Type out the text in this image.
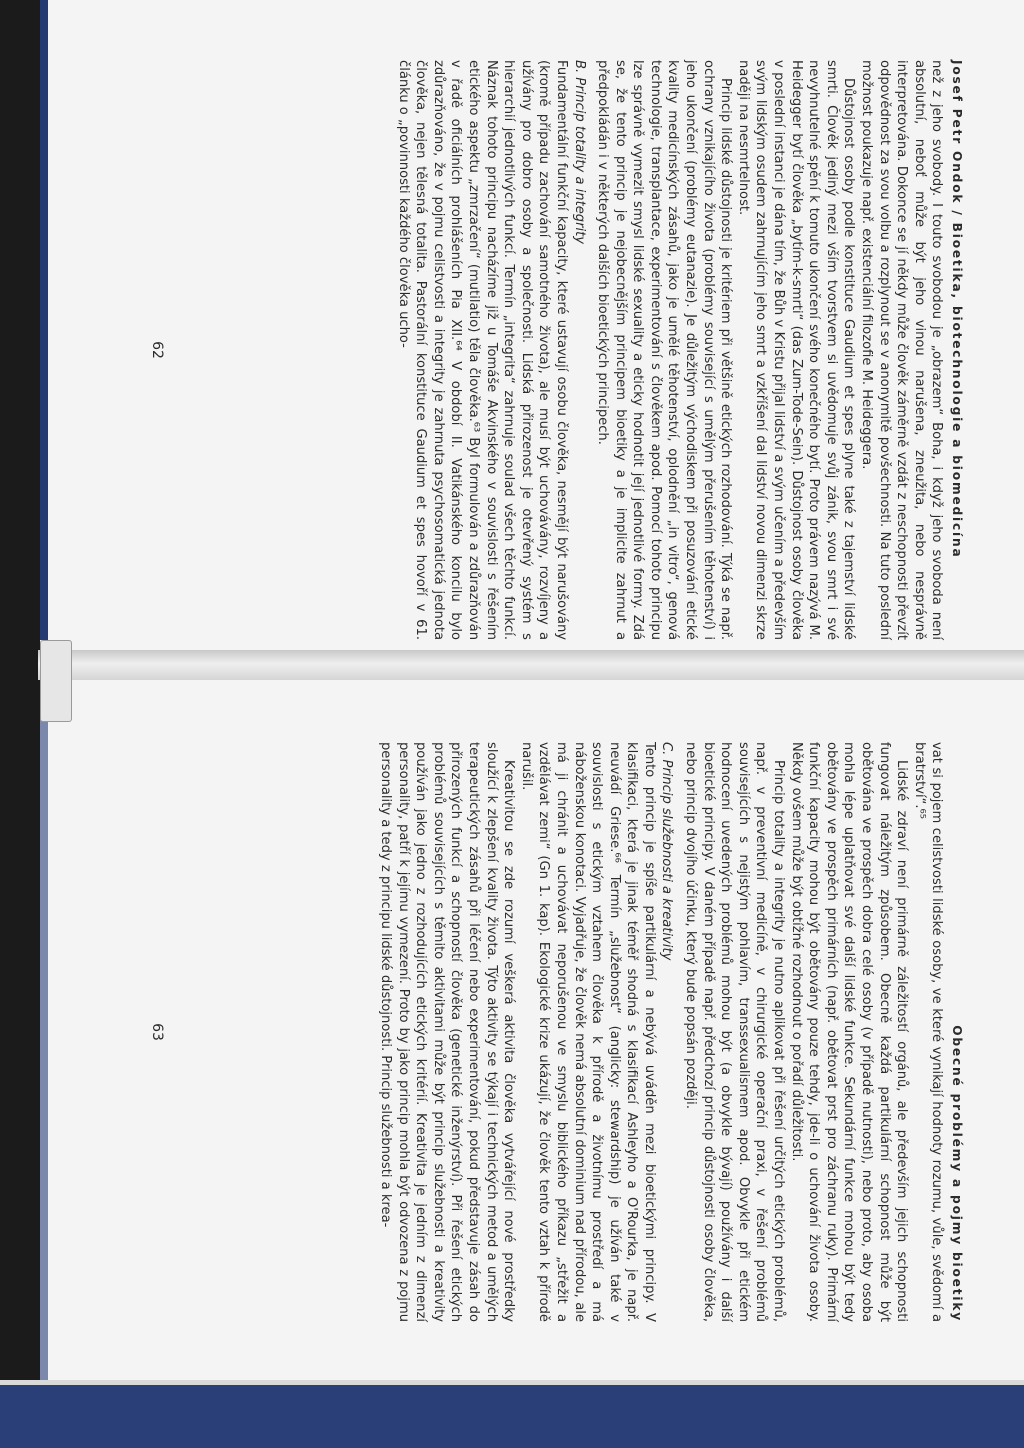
Josef Petr Ondok / Bioetika, biotechnologie a biomedicína

než z jeho svobody. I touto svobodou je „obrazem“ Boha, i když jeho svoboda není absolutní, neboť může být jeho vinou narušena, zneužita, nebo nesprávně interpretována. Dokonce se jí někdy může člověk záměrně vzdát z neschopnosti převzít odpovědnost za svou volbu a rozplynout se v anonymitě povšechnosti. Na tuto poslední možnost poukazuje např. existenciální filozofie M. Heideggera.

Důstojnost osoby podle konstituce Gaudium et spes plyne také z tajemství lidské smrti. Člověk jediný mezi vším tvorstvem si uvědomuje svůj zánik, svou smrt i své nevyhnutelné spění k tomuto ukončení svého konečného bytí. Proto právem nazývá M. Heidegger bytí člověka „bytím-k-smrti“ (das Zum-Tode-Sein). Důstojnost osoby člověka v poslední instanci je dána tím, že Bůh v Kristu přijal lidství a svým učením a především svým lidským osudem zahrnujícím jeho smrt a vzkříšení dal lidství novou dimenzi skrze naději na nesmrtelnost.

Princip lidské důstojnosti je kritériem při většině etických rozhodování. Týká se např. ochrany vznikajícího života (problémy související s umělým přerušením těhotenství) i jeho ukončení (problémy eutanazie). Je důležitým východiskem při posuzování etické kvality medicínských zásahů, jako je umělé těhotenství, oplodnění „in vitro“, genová technologie, transplantace, experimentování s člověkem apod. Pomocí tohoto principu lze správně vymezit smysl lidské sexuality a eticky hodnotit její jednotlivé formy. Zdá se, že tento princip je nejobecnějším principem bioetiky a je implicite zahrnut a předpokládán i v některých dalších bioetických principech.

B. Princip totality a integrity

Fundamentální funkční kapacity, které ustavují osobu člověka, nesmějí být narušovány (kromě případu zachování samotného života), ale musí být uchovávány, rozvíjeny a užívány pro dobro osoby a společnosti. Lidská přirozenost je otevřený systém s hierarchií jednotlivých funkcí. Termín „integrita“ zahrnuje soulad všech těchto funkcí. Náznak tohoto principu nacházíme již u Tomáše Akvinského v souvislosti s řešením etického aspektu „zmrzačení“ (mutilatio) těla člověka.⁶³ Byl formulován a zdůrazňován v řadě oficiálních prohlášeních Pia XII.⁶⁴ V období II. Vatikánského koncilu bylo zdůrazňováno, že v pojmu celistvosti a integrity je zahrnuta psychosomatická jednota člověka, nejen tělesná totalita. Pastorální konstituce Gaudium et spes hovoří v 61. článku o „povinnosti každého člověka ucho-

62
Obecné problémy a pojmy bioetiky

vat si pojem celistvosti lidské osoby, ve které vynikají hodnoty rozumu, vůle, svědomí a bratrství“.⁶⁵

Lidské zdraví není primárně záležitostí orgánů, ale především jejich schopnosti fungovat náležitým způsobem. Obecně každá partikulární schopnost může být obětována ve prospěch dobra celé osoby (v případě nutnosti), nebo proto, aby osoba mohla lépe uplatňovat své další lidské funkce. Sekundární funkce mohou být tedy obětovány ve prospěch primárních (např. obětovat prst pro záchranu ruky). Primární funkční kapacity mohou být obětovány pouze tehdy, jde-li o uchování života osoby. Někdy ovšem může být obtížné rozhodnout o pořadí důležitosti.

Princip totality a integrity je nutno aplikovat při řešení určitých etických problémů, např. v preventivní medicíně, v chirurgické operační praxi, v řešení problémů souvisejících s nejistým pohlavím, transsexualismem apod. Obvykle při etickém hodnocení uvedených problémů mohou být (a obvykle bývají) používány i další bioetické principy. V daném případě např. předchozí princip důstojnosti osoby člověka, nebo princip dvojího účinku, který bude popsán později.

C. Princip služebnosti a kreativity

Tento princip je spíše partikulární a nebývá uváděn mezi bioetickými principy. V klasifikaci, která je jinak téměř shodná s klasifikací Ashleyho a O'Rourka, je např. neuvádí Griese.⁶⁶ Termín „služebnost“ (anglicky: stewardship) je užíván také v souvislosti s etickým vztahem člověka k přírodě a životnímu prostředí a má náboženskou konotaci. Vyjadřuje, že člověk nemá absolutní dominium nad přírodou, ale má ji chránit a uchovávat neporušenou ve smyslu biblického příkazu „střežit a vzdělávat zemi“ (Gn 1. kap). Ekologické krize ukázují, že člověk tento vztah k přírodě narušil.

Kreativitou se zde rozumí veškerá aktivita člověka vytvářející nové prostředky sloužící k zlepšení kvality života. Týto aktivity se týkají i technických metod a umělých terapeutických zásahů při léčení nebo experimentování, pokud představuje zásah do přirozených funkcí a schopností člověka (genetické inženýrství). Při řešení etických problémů souvisejících s těmito aktivitami může být princip služebnosti a kreativity používán jako jedno z rozhodujících etických kritérií. Kreativita je jedním z dimenzí personality, patří k jejímu vymezení. Proto by jako princip mohla být odvozena z pojmu personality a tedy z principu lidské důstojnosti. Princip služebnosti a krea-

63
